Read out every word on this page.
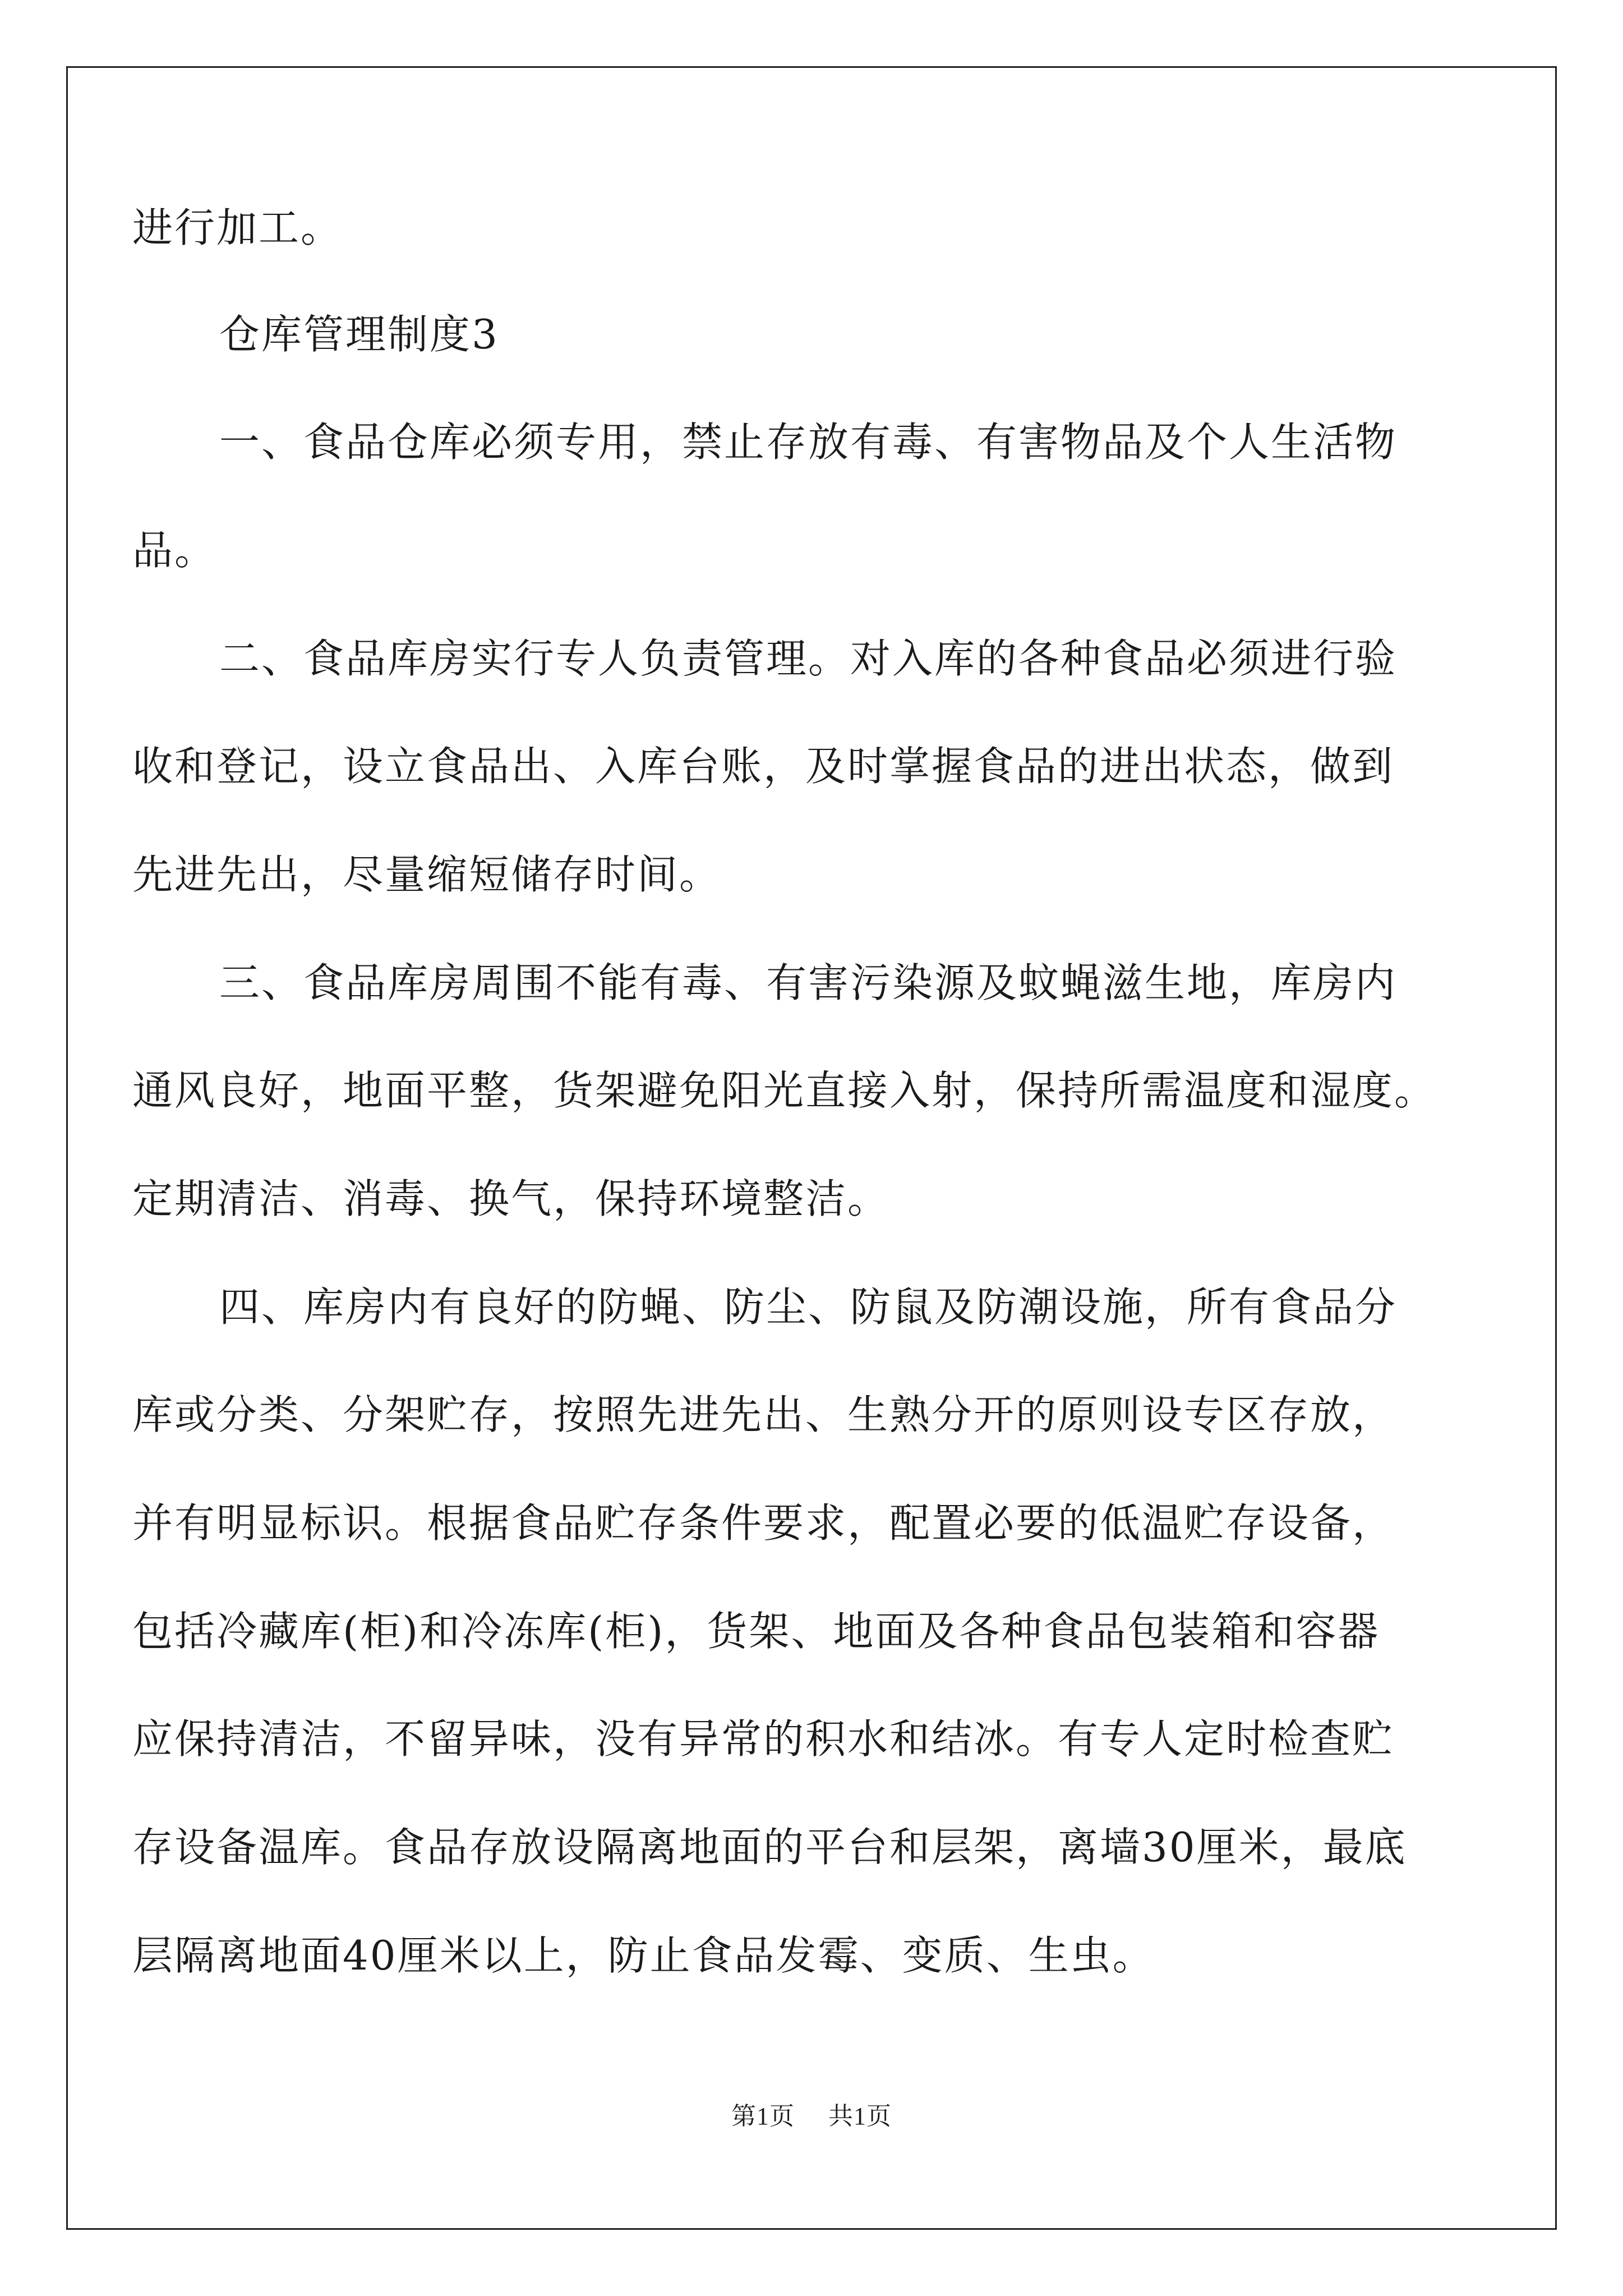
进行加工。
仓库管理制度3
一、食品仓库必须专用，禁止存放有毒、有害物品及个人生活物
品。
二、食品库房实行专人负责管理。对入库的各种食品必须进行验
收和登记，设立食品出、入库台账，及时掌握食品的进出状态，做到
先进先出，尽量缩短储存时间。
三、食品库房周围不能有毒、有害污染源及蚊蝇滋生地，库房内
通风良好，地面平整，货架避免阳光直接入射，保持所需温度和湿度。
定期清洁、消毒、换气，保持环境整洁。
四、库房内有良好的防蝇、防尘、防鼠及防潮设施，所有食品分
库或分类、分架贮存，按照先进先出、生熟分开的原则设专区存放，
并有明显标识。根据食品贮存条件要求，配置必要的低温贮存设备，
包括冷藏库(柜)和冷冻库(柜)，货架、地面及各种食品包装箱和容器
应保持清洁，不留异味，没有异常的积水和结冰。有专人定时检查贮
存设备温库。食品存放设隔离地面的平台和层架，离墙30厘米，最底
层隔离地面40厘米以上，防止食品发霉、变质、生虫。
第1页 共1页
